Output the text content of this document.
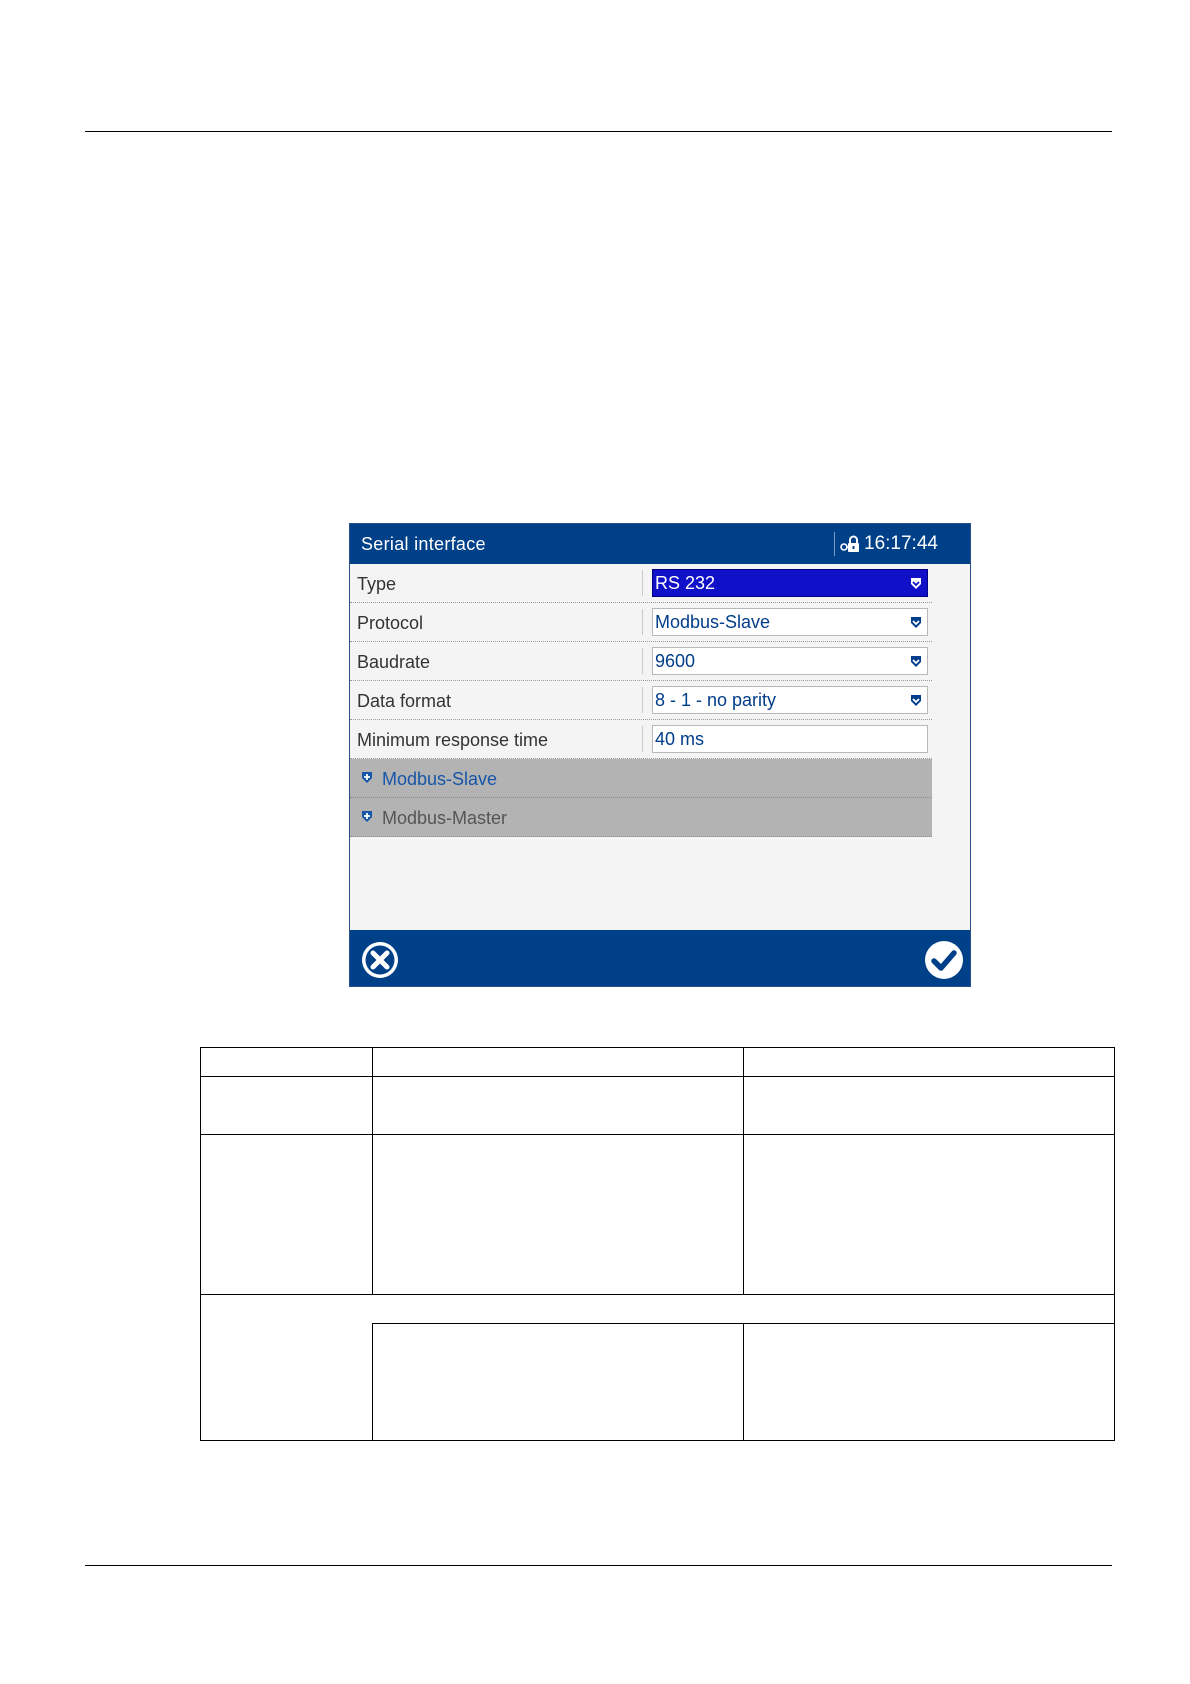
Serial interface	16:17:44
Type	RS 232
Protocol	Modbus-Slave
Baudrate	9600
Data format	8 - 1 - no parity
Minimum response time	40 ms
Modbus-Slave
Modbus-Master
